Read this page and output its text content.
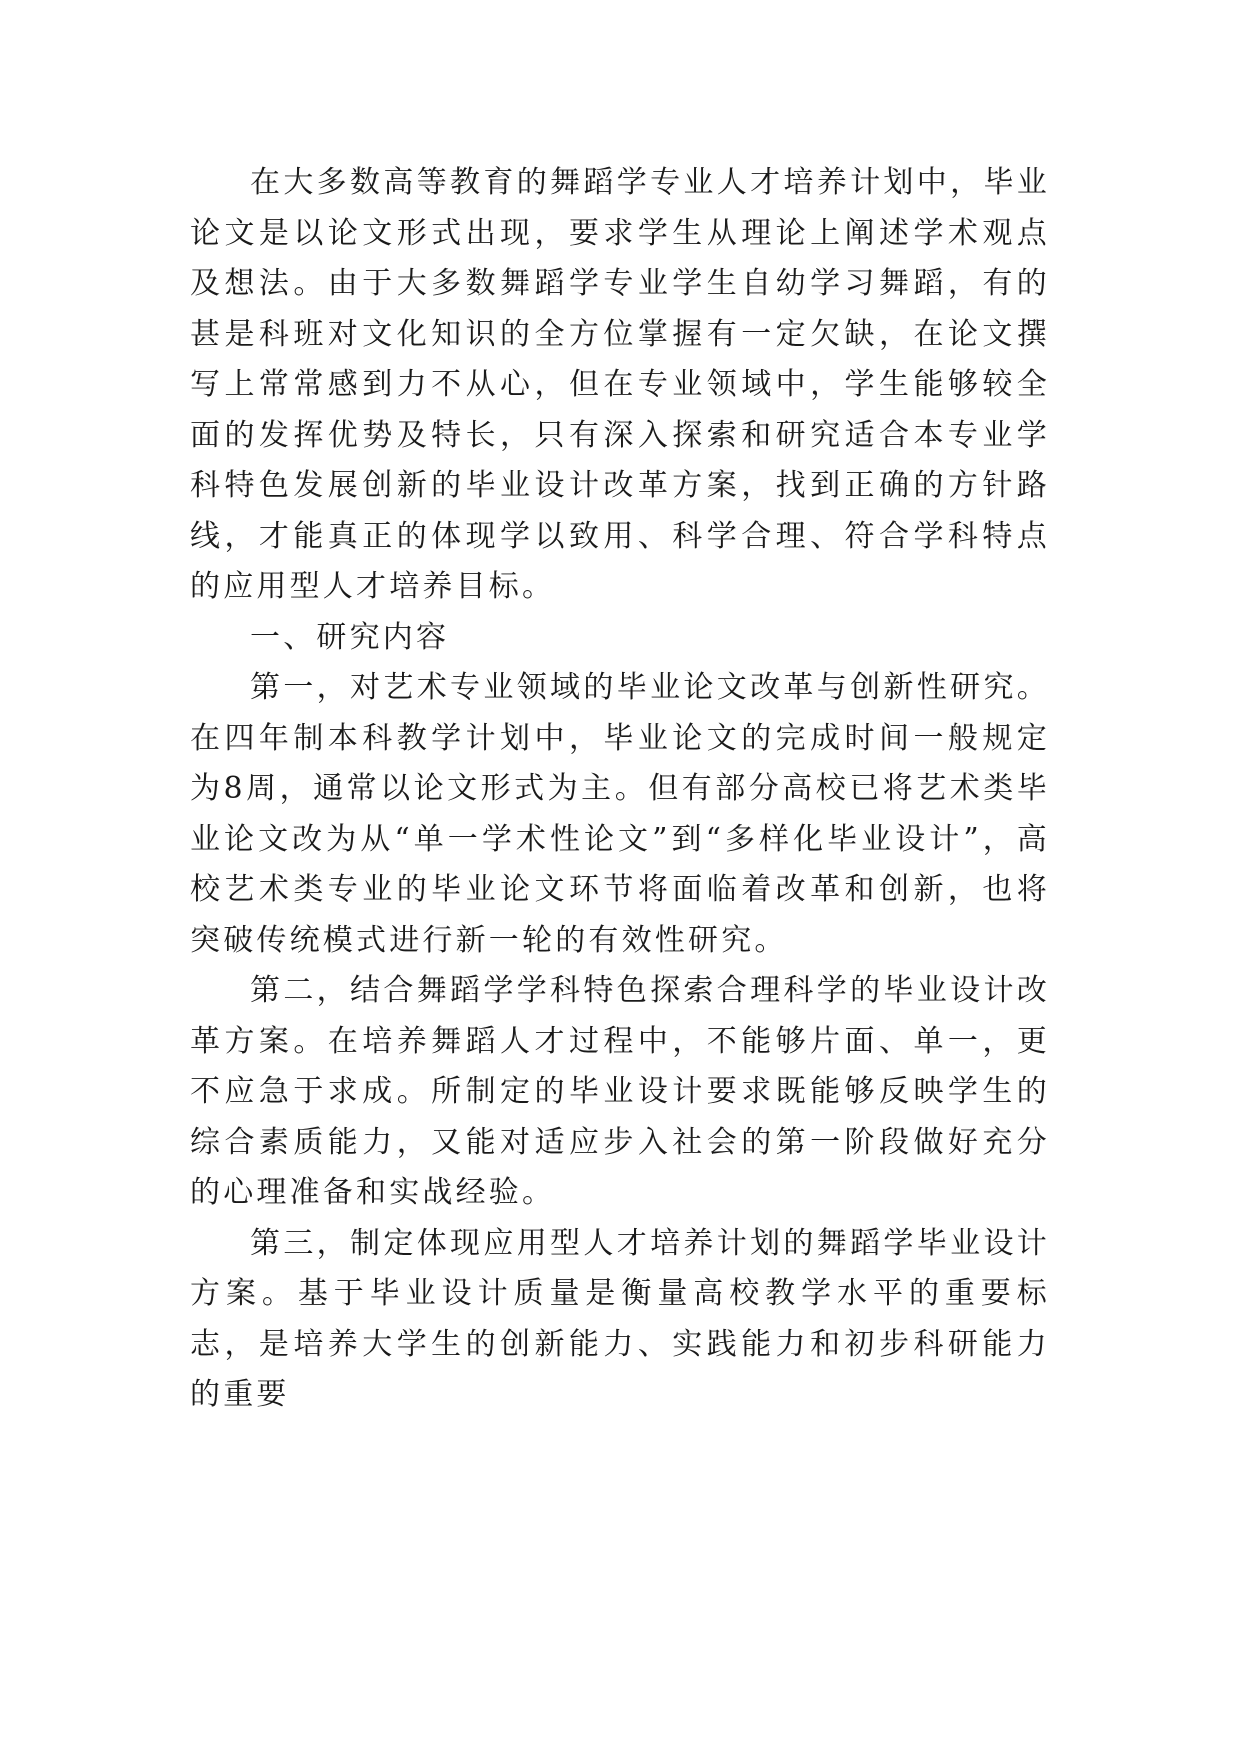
在大多数高等教育的舞蹈学专业人才培养计划中，毕业论文是以论文形式出现，要求学生从理论上阐述学术观点及想法。由于大多数舞蹈学专业学生自幼学习舞蹈，有的甚是科班对文化知识的全方位掌握有一定欠缺，在论文撰写上常常感到力不从心，但在专业领域中，学生能够较全面的发挥优势及特长，只有深入探索和研究适合本专业学科特色发展创新的毕业设计改革方案，找到正确的方针路线，才能真正的体现学以致用、科学合理、符合学科特点的应用型人才培养目标。

一、研究内容

第一，对艺术专业领域的毕业论文改革与创新性研究。在四年制本科教学计划中，毕业论文的完成时间一般规定为8周，通常以论文形式为主。但有部分高校已将艺术类毕业论文改为从“单一学术性论文”到“多样化毕业设计”，高校艺术类专业的毕业论文环节将面临着改革和创新，也将突破传统模式进行新一轮的有效性研究。

第二，结合舞蹈学学科特色探索合理科学的毕业设计改革方案。在培养舞蹈人才过程中，不能够片面、单一，更不应急于求成。所制定的毕业设计要求既能够反映学生的综合素质能力，又能对适应步入社会的第一阶段做好充分的心理准备和实战经验。

第三，制定体现应用型人才培养计划的舞蹈学毕业设计方案。基于毕业设计质量是衡量高校教学水平的重要标志，是培养大学生的创新能力、实践能力和初步科研能力的重要
